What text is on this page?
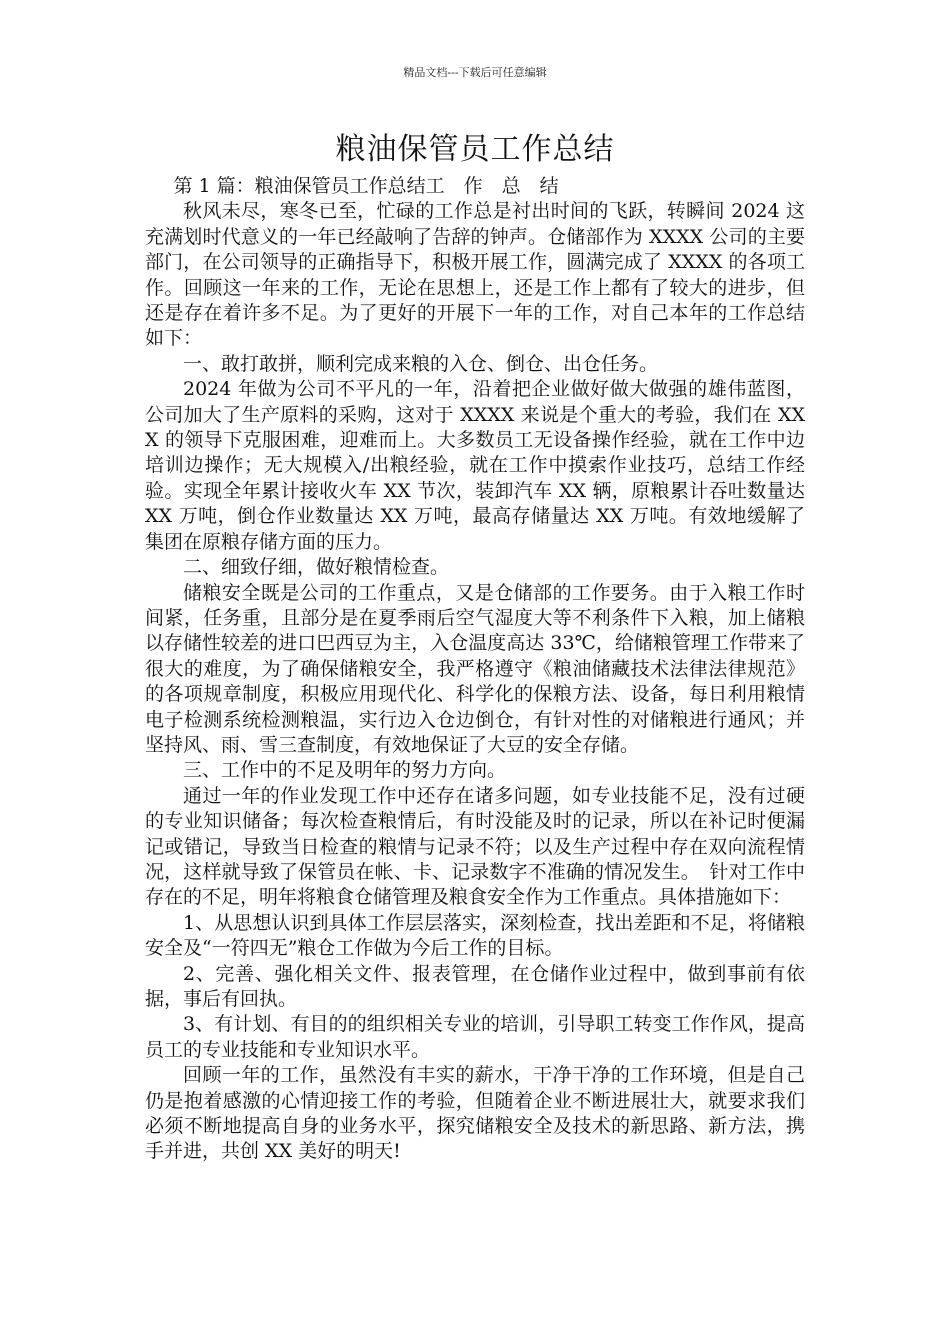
精品文档---下载后可任意编辑
粮油保管员工作总结

第 1 篇：粮油保管员工作总结工　作　总　结

秋风未尽，寒冬已至，忙碌的工作总是衬出时间的飞跃，转瞬间 2024 这充满划时代意义的一年已经敲响了告辞的钟声。仓储部作为 XXXX 公司的主要部门，在公司领导的正确指导下，积极开展工作，圆满完成了 XXXX 的各项工作。回顾这一年来的工作，无论在思想上，还是工作上都有了较大的进步，但还是存在着许多不足。为了更好的开展下一年的工作，对自己本年的工作总结如下：

一、敢打敢拼，顺利完成来粮的入仓、倒仓、出仓任务。

2024 年做为公司不平凡的一年，沿着把企业做好做大做强的雄伟蓝图，公司加大了生产原料的采购，这对于 XXXX 来说是个重大的考验，我们在 XXX 的领导下克服困难，迎难而上。大多数员工无设备操作经验，就在工作中边培训边操作；无大规模入/出粮经验，就在工作中摸索作业技巧，总结工作经验。实现全年累计接收火车 XX 节次，装卸汽车 XX 辆，原粮累计吞吐数量达 XX 万吨，倒仓作业数量达 XX 万吨，最高存储量达 XX 万吨。有效地缓解了集团在原粮存储方面的压力。

二、细致仔细，做好粮情检查。

储粮安全既是公司的工作重点，又是仓储部的工作要务。由于入粮工作时间紧，任务重，且部分是在夏季雨后空气湿度大等不利条件下入粮，加上储粮以存储性较差的进口巴西豆为主，入仓温度高达 33℃，给储粮管理工作带来了很大的难度，为了确保储粮安全，我严格遵守《粮油储藏技术法律法律规范》的各项规章制度，积极应用现代化、科学化的保粮方法、设备，每日利用粮情电子检测系统检测粮温，实行边入仓边倒仓，有针对性的对储粮进行通风；并坚持风、雨、雪三查制度，有效地保证了大豆的安全存储。

三、工作中的不足及明年的努力方向。

通过一年的作业发现工作中还存在诸多问题，如专业技能不足，没有过硬的专业知识储备；每次检查粮情后，有时没能及时的记录，所以在补记时便漏记或错记，导致当日检查的粮情与记录不符；以及生产过程中存在双向流程情况，这样就导致了保管员在帐、卡、记录数字不准确的情况发生。　针对工作中存在的不足，明年将粮食仓储管理及粮食安全作为工作重点。具体措施如下：

1、从思想认识到具体工作层层落实，深刻检查，找出差距和不足，将储粮安全及“一符四无”粮仓工作做为今后工作的目标。

2、完善、强化相关文件、报表管理，在仓储作业过程中，做到事前有依据，事后有回执。

3、有计划、有目的的组织相关专业的培训，引导职工转变工作作风，提高员工的专业技能和专业知识水平。

回顾一年的工作，虽然没有丰实的薪水，干净干净的工作环境，但是自己仍是抱着感激的心情迎接工作的考验，但随着企业不断进展壮大，就要求我们必须不断地提高自身的业务水平，探究储粮安全及技术的新思路、新方法，携手并进，共创 XX 美好的明天!
